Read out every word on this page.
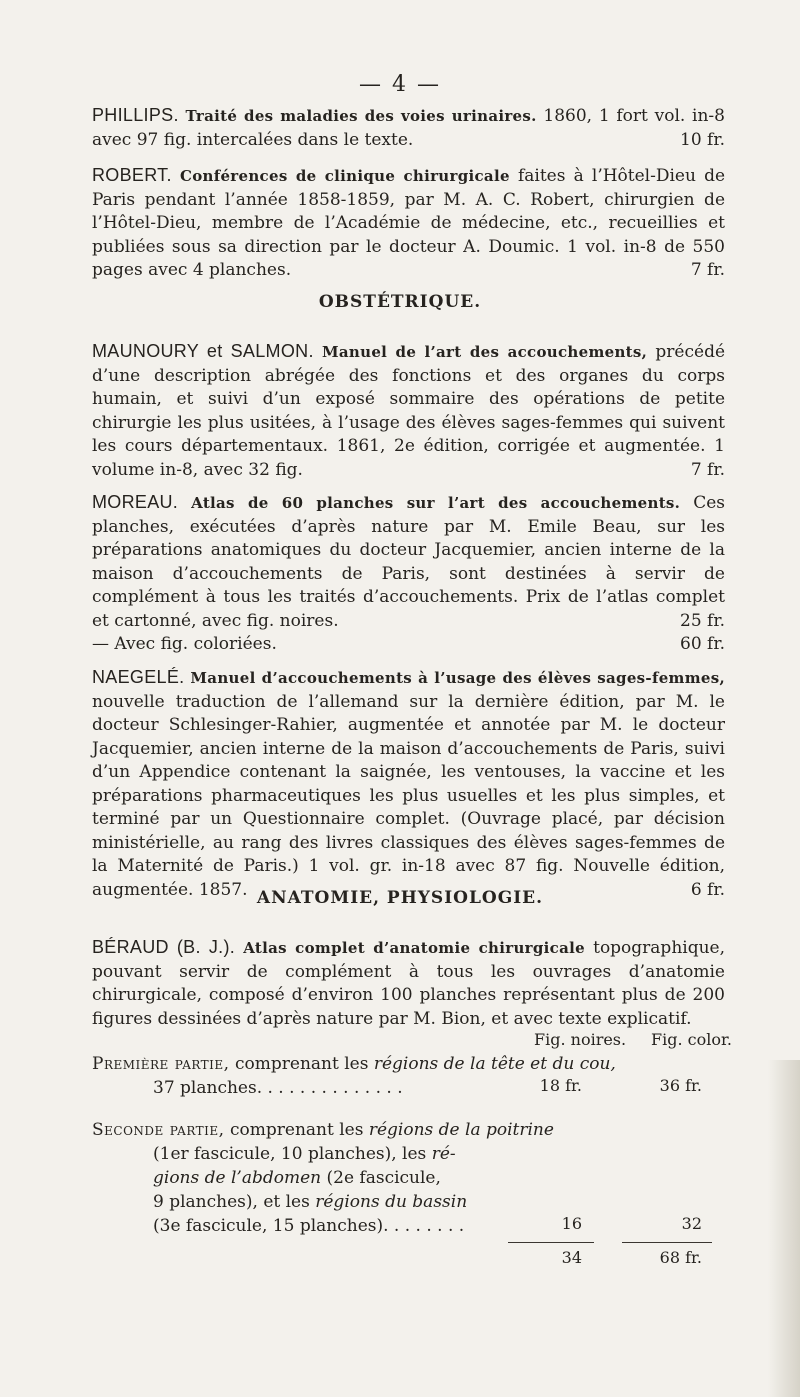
— 4 —
PHILLIPS. Traité des maladies des voies urinaires. 1860, 1 fort vol. in-8 avec 97 fig. intercalées dans le texte.	10 fr.
ROBERT. Conférences de clinique chirurgicale faites à l’Hôtel-Dieu de Paris pendant l’année 1858-1859, par M. A. C. Robert, chirurgien de l’Hôtel-Dieu, membre de l’Académie de médecine, etc., recueillies et publiées sous sa direction par le docteur A. Doumic. 1 vol. in-8 de 550 pages avec 4 planches.	7 fr.
OBSTÉTRIQUE.
MAUNOURY et SALMON. Manuel de l’art des accouchements, précédé d’une description abrégée des fonctions et des organes du corps humain, et suivi d’un exposé sommaire des opérations de petite chirurgie les plus usitées, à l’usage des élèves sages-femmes qui suivent les cours départementaux. 1861, 2e édition, corrigée et augmentée. 1 volume in-8, avec 32 fig.	7 fr.
MOREAU. Atlas de 60 planches sur l’art des accouchements. Ces planches, exécutées d’après nature par M. Emile Beau, sur les préparations anatomiques du docteur Jacquemier, ancien interne de la maison d’accouchements de Paris, sont destinées à servir de complément à tous les traités d’accouchements. Prix de l’atlas complet et cartonné, avec fig. noires.	25 fr.
— Avec fig. coloriées.	60 fr.
NAEGELÉ. Manuel d’accouchements à l’usage des élèves sages-femmes, nouvelle traduction de l’allemand sur la dernière édition, par M. le docteur Schlesinger-Rahier, augmentée et annotée par M. le docteur Jacquemier, ancien interne de la maison d’accouchements de Paris, suivi d’un Appendice contenant la saignée, les ventouses, la vaccine et les préparations pharmaceutiques les plus usuelles et les plus simples, et terminé par un Questionnaire complet. (Ouvrage placé, par décision ministérielle, au rang des livres classiques des élèves sages-femmes de la Maternité de Paris.) 1 vol. gr. in-18 avec 87 fig. Nouvelle édition, augmentée. 1857.	6 fr.
ANATOMIE, PHYSIOLOGIE.
BÉRAUD (B. J.). Atlas complet d’anatomie chirurgicale topographique, pouvant servir de complément à tous les ouvrages d’anatomie chirurgicale, composé d’environ 100 planches représentant plus de 200 figures dessinées d’après nature par M. Bion, et avec texte explicatif.
Fig. noires. Fig. color.
Première partie, comprenant les régions de la tête et du cou,
37 planches. . . . . . . . . . . . . .	18 fr.	36 fr.
Seconde partie, comprenant les régions de la poitrine
(1er fascicule, 10 planches), les ré-
gions de l’abdomen (2e fascicule,
9 planches), et les régions du bassin
(3e fascicule, 15 planches). . . . . . . .	16	32
34	68 fr.
